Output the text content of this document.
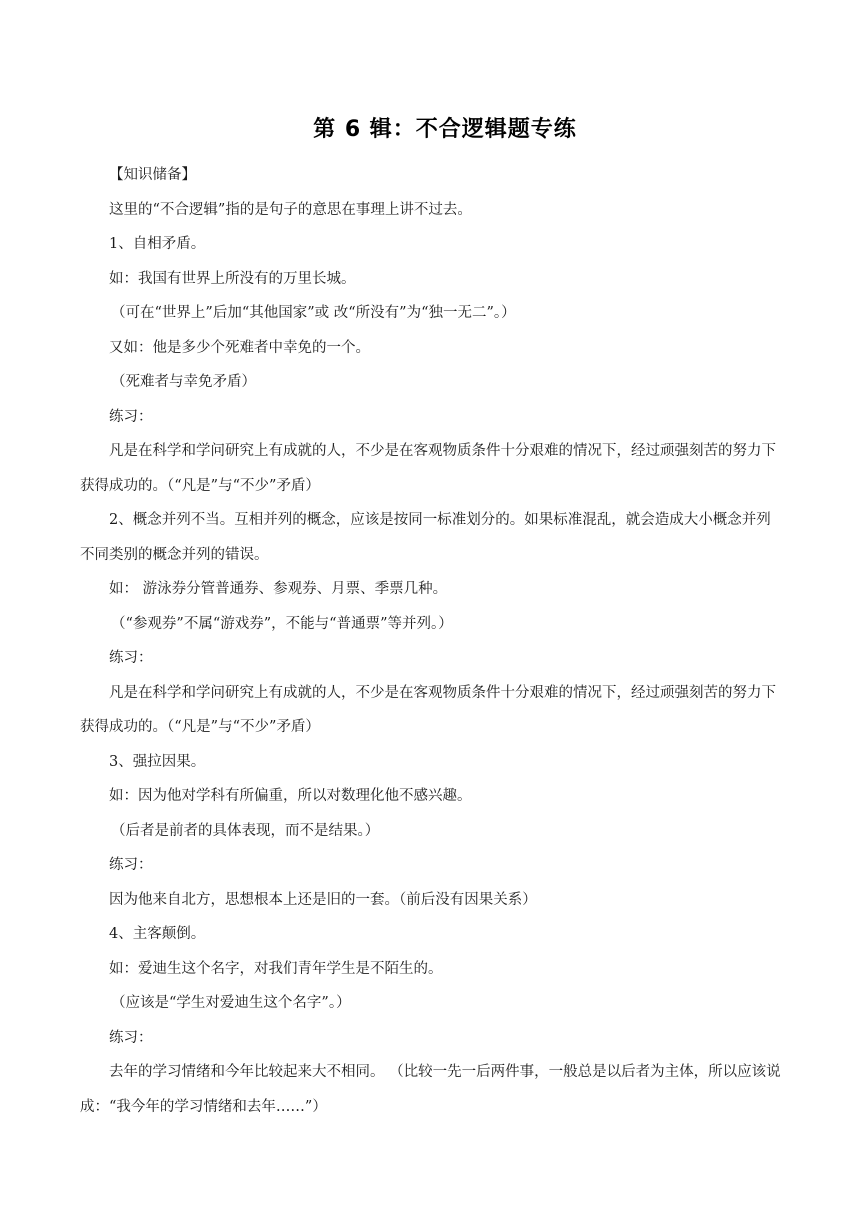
第 6 辑：不合逻辑题专练

【知识储备】

这里的“不合逻辑”指的是句子的意思在事理上讲不过去。

1、自相矛盾。

如：我国有世界上所没有的万里长城。

（可在“世界上”后加“其他国家”或 改“所没有”为“独一无二”。）

又如：他是多少个死难者中幸免的一个。

（死难者与幸免矛盾）

练习：

凡是在科学和学问研究上有成就的人，不少是在客观物质条件十分艰难的情况下，经过顽强刻苦的努力下获得成功的。（“凡是”与“不少”矛盾）

2、概念并列不当。互相并列的概念，应该是按同一标准划分的。如果标准混乱，就会造成大小概念并列不同类别的概念并列的错误。

如： 游泳券分管普通券、参观券、月票、季票几种。

（“参观券”不属“游戏券”，不能与“普通票”等并列。）

练习：

凡是在科学和学问研究上有成就的人，不少是在客观物质条件十分艰难的情况下，经过顽强刻苦的努力下获得成功的。（“凡是”与“不少”矛盾）

3、强拉因果。

如：因为他对学科有所偏重，所以对数理化他不感兴趣。

（后者是前者的具体表现，而不是结果。）

练习：

因为他来自北方，思想根本上还是旧的一套。（前后没有因果关系）

4、主客颠倒。

如：爱迪生这个名字，对我们青年学生是不陌生的。

（应该是“学生对爱迪生这个名字”。）

练习：

去年的学习情绪和今年比较起来大不相同。 （比较一先一后两件事，一般总是以后者为主体，所以应该说成：“我今年的学习情绪和去年……”）
